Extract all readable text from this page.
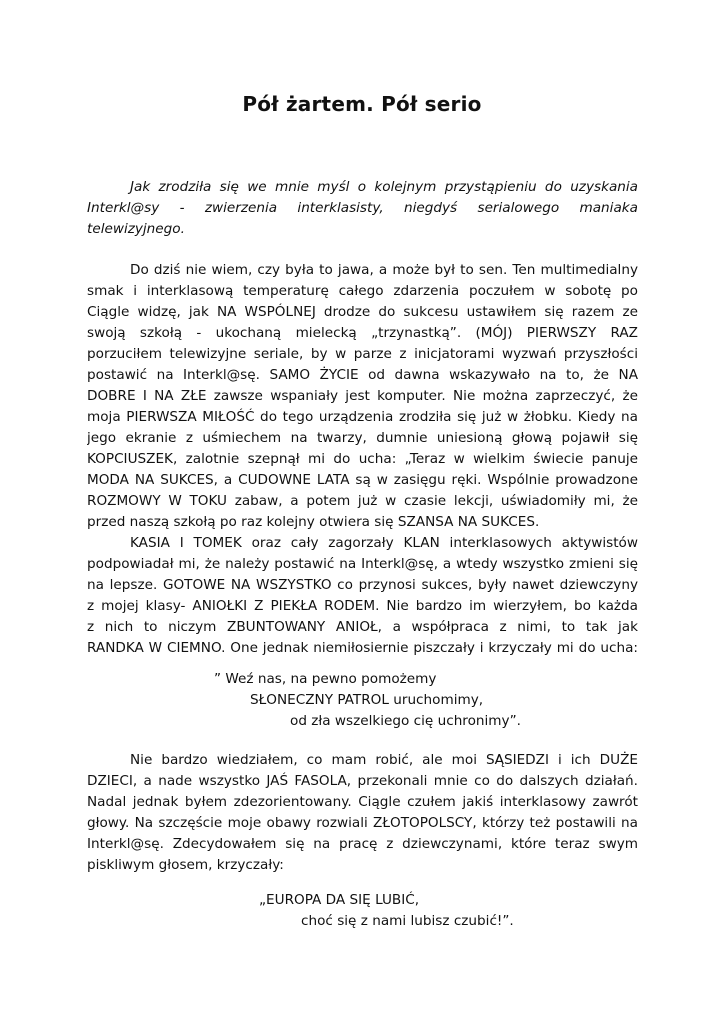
Pół żartem. Pół serio
Jak zrodziła się we mnie myśl o kolejnym przystąpieniu do uzyskania
Interkl@sy - zwierzenia interklasisty, niegdyś serialowego maniaka
telewizyjnego.
Do dziś nie wiem, czy była to jawa, a może był to sen. Ten multimedialny
smak i interklasową temperaturę całego zdarzenia poczułem w sobotę po
Ciągle widzę, jak NA WSPÓLNEJ drodze do sukcesu ustawiłem się razem ze
swoją szkołą - ukochaną mielecką „trzynastką”. (MÓJ) PIERWSZY RAZ
porzuciłem telewizyjne seriale, by w parze z inicjatorami wyzwań przyszłości
postawić na Interkl@sę. SAMO ŻYCIE od dawna wskazywało na to, że NA
DOBRE I NA ZŁE zawsze wspaniały jest komputer. Nie można zaprzeczyć, że
moja PIERWSZA MIŁOŚĆ do tego urządzenia zrodziła się już w żłobku. Kiedy na
jego ekranie z uśmiechem na twarzy, dumnie uniesioną głową pojawił się
KOPCIUSZEK, zalotnie szepnął mi do ucha: „Teraz w wielkim świecie panuje
MODA NA SUKCES, a CUDOWNE LATA są w zasięgu ręki. Wspólnie prowadzone
ROZMOWY W TOKU zabaw, a potem już w czasie lekcji, uświadomiły mi, że
przed naszą szkołą po raz kolejny otwiera się SZANSA NA SUKCES.
KASIA I TOMEK oraz cały zagorzały KLAN interklasowych aktywistów
podpowiadał mi, że należy postawić na Interkl@sę, a wtedy wszystko zmieni się
na lepsze. GOTOWE NA WSZYSTKO co przynosi sukces, były nawet dziewczyny
z mojej klasy- ANIOŁKI Z PIEKŁA RODEM. Nie bardzo im wierzyłem, bo każda
z nich to niczym ZBUNTOWANY ANIOŁ, a współpraca z nimi, to tak jak
RANDKA W CIEMNO. One jednak niemiłosiernie piszczały i krzyczały mi do ucha:
” Weź nas, na pewno pomożemy
SŁONECZNY PATROL uruchomimy,
od zła wszelkiego cię uchronimy”.
Nie bardzo wiedziałem, co mam robić, ale moi SĄSIEDZI i ich DUŻE
DZIECI, a nade wszystko JAŚ FASOLA, przekonali mnie co do dalszych działań.
Nadal jednak byłem zdezorientowany. Ciągle czułem jakiś interklasowy zawrót
głowy. Na szczęście moje obawy rozwiali ZŁOTOPOLSCY, którzy też postawili na
Interkl@sę. Zdecydowałem się na pracę z dziewczynami, które teraz swym
piskliwym głosem, krzyczały:
„EUROPA DA SIĘ LUBIĆ,
choć się z nami lubisz czubić!”.
